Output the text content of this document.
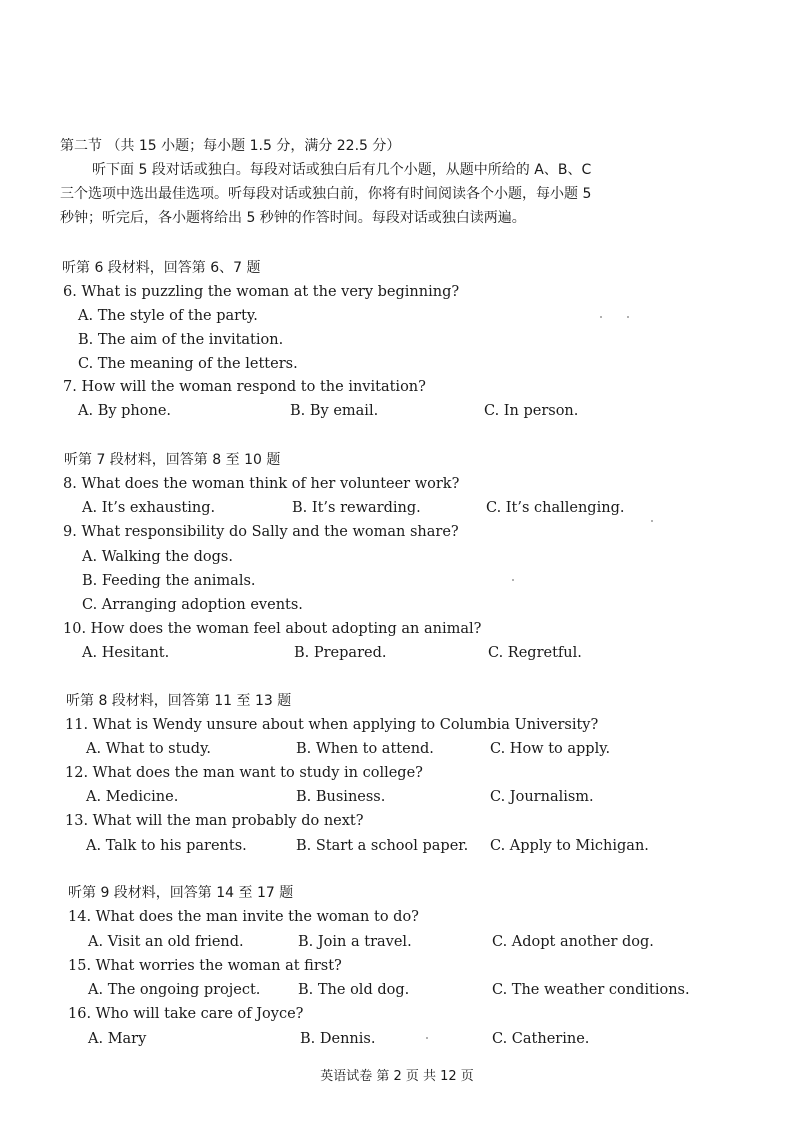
第二节 （共 15 小题；每小题 1.5 分，满分 22.5 分）
听下面 5 段对话或独白。每段对话或独白后有几个小题，从题中所给的 A、B、C
三个选项中选出最佳选项。听每段对话或独白前，你将有时间阅读各个小题，每小题 5
秒钟；听完后，各小题将给出 5 秒钟的作答时间。每段对话或独白读两遍。
听第 6 段材料，回答第 6、7 题
6. What is puzzling the woman at the very beginning?
A. The style of the party.
B. The aim of the invitation.
C. The meaning of the letters.
7. How will the woman respond to the invitation?
A. By phone.	B. By email.	C. In person.
听第 7 段材料，回答第 8 至 10 题
8. What does the woman think of her volunteer work?
A. It’s exhausting.	B. It’s rewarding.	C. It’s challenging.
9. What responsibility do Sally and the woman share?
A. Walking the dogs.
B. Feeding the animals.
C. Arranging adoption events.
10. How does the woman feel about adopting an animal?
A. Hesitant.	B. Prepared.	C. Regretful.
听第 8 段材料，回答第 11 至 13 题
11. What is Wendy unsure about when applying to Columbia University?
A. What to study.	B. When to attend.	C. How to apply.
12. What does the man want to study in college?
A. Medicine.	B. Business.	C. Journalism.
13. What will the man probably do next?
A. Talk to his parents.	B. Start a school paper. C. Apply to Michigan.
听第 9 段材料，回答第 14 至 17 题
14. What does the man invite the woman to do?
A. Visit an old friend.	B. Join a travel.	C. Adopt another dog.
15. What worries the woman at first?
A. The ongoing project.	B. The old dog.	C. The weather conditions.
16. Who will take care of Joyce?
A. Mary	B. Dennis.	C. Catherine.
英语试卷 第 2 页 共 12 页
